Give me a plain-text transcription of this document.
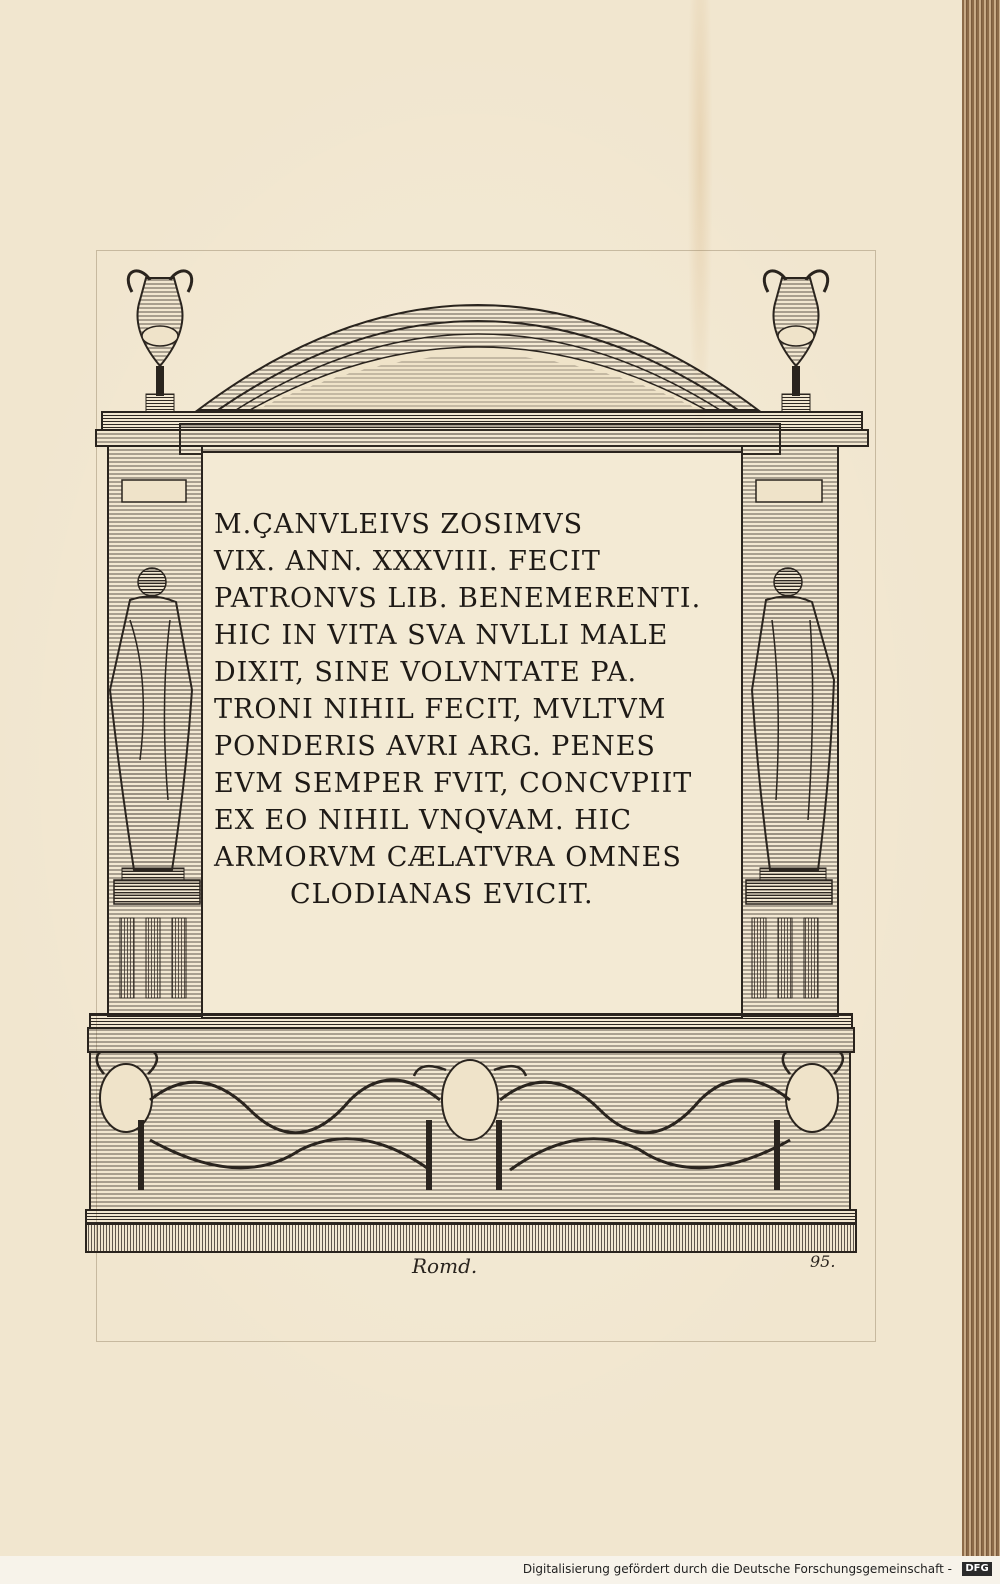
M.ÇANVLEIVS ZOSIMVS
VIX. ANN. XXXVIII. FECIT
PATRONVS LIB. BENEMERENTI.
HIC IN VITA SVA NVLLI MALE
DIXIT, SINE VOLVNTATE PA.
TRONI NIHIL FECIT, MVLTVM
PONDERIS AVRI ARG. PENES
EVM SEMPER FVIT, CONCVPIIT
EX EO NIHIL VNQVAM. HIC
ARMORVM CÆLATVRA OMNES
CLODIANAS EVICIT.
Romd.	95.
Digitalisierung gefördert durch die Deutsche Forschungsgemeinschaft -	DFG
